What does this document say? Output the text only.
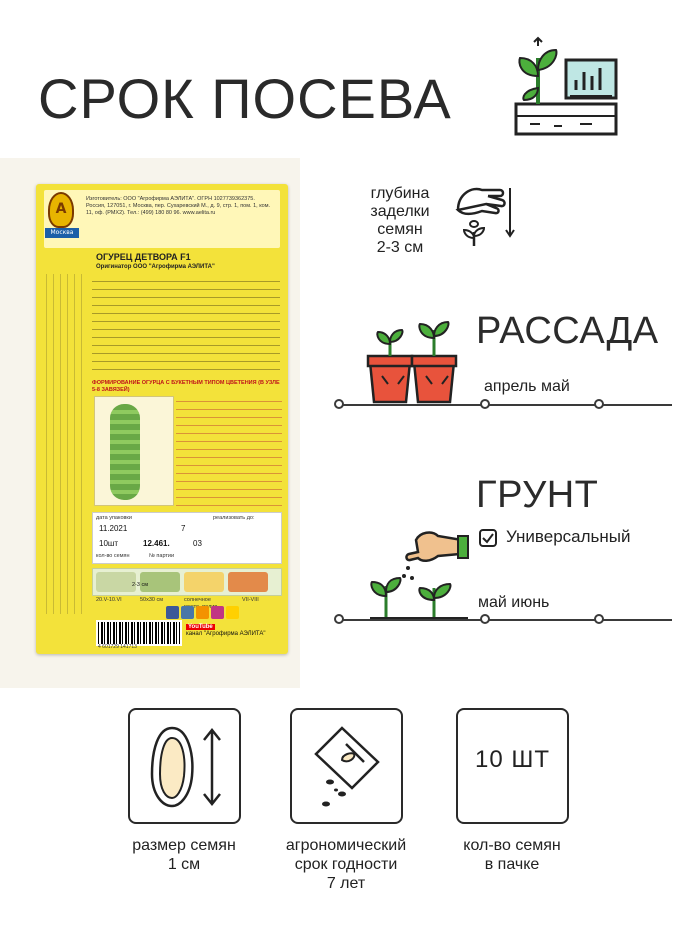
СРОК ПОСЕВА
А
Москва
Изготовитель: ООО "Агрофирма АЭЛИТА". ОГРН 1027739362375. Россия, 127051, г. Москва, пер. Сухаревский М., д. 9, стр. 1, пом. 1, ком. 11, оф. (РМХ2). Тел.: (499) 180 80 96. www.aelita.ru
ОГУРЕЦ ДЕТВОРА F1
Оригинатор ООО "Агрофирма АЭЛИТА"
ФОРМИРОВАНИЕ ОГУРЦА С БУКЕТНЫМ ТИПОМ ЦВЕТЕНИЯ (В УЗЛЕ 5-8 ЗАВЯЗЕЙ)
дата упаковки	реализовать до:
11.2021	7
10шт	12.461.	03
кол-во семян	№ партии
2-3 см
20.V-10.VI	50x30 см	солнечное полив
VII-VIII
4 601729 141713
YouTube
канал "Агрофирма АЭЛИТА"
глубина
заделки
семян
2-3 см
РАССАДА
апрель май
ГРУНТ
Универсальный
май июнь
10 ШТ
размер семян
1 см
агрономический
срок годности
7 лет
кол-во семян
в пачке
